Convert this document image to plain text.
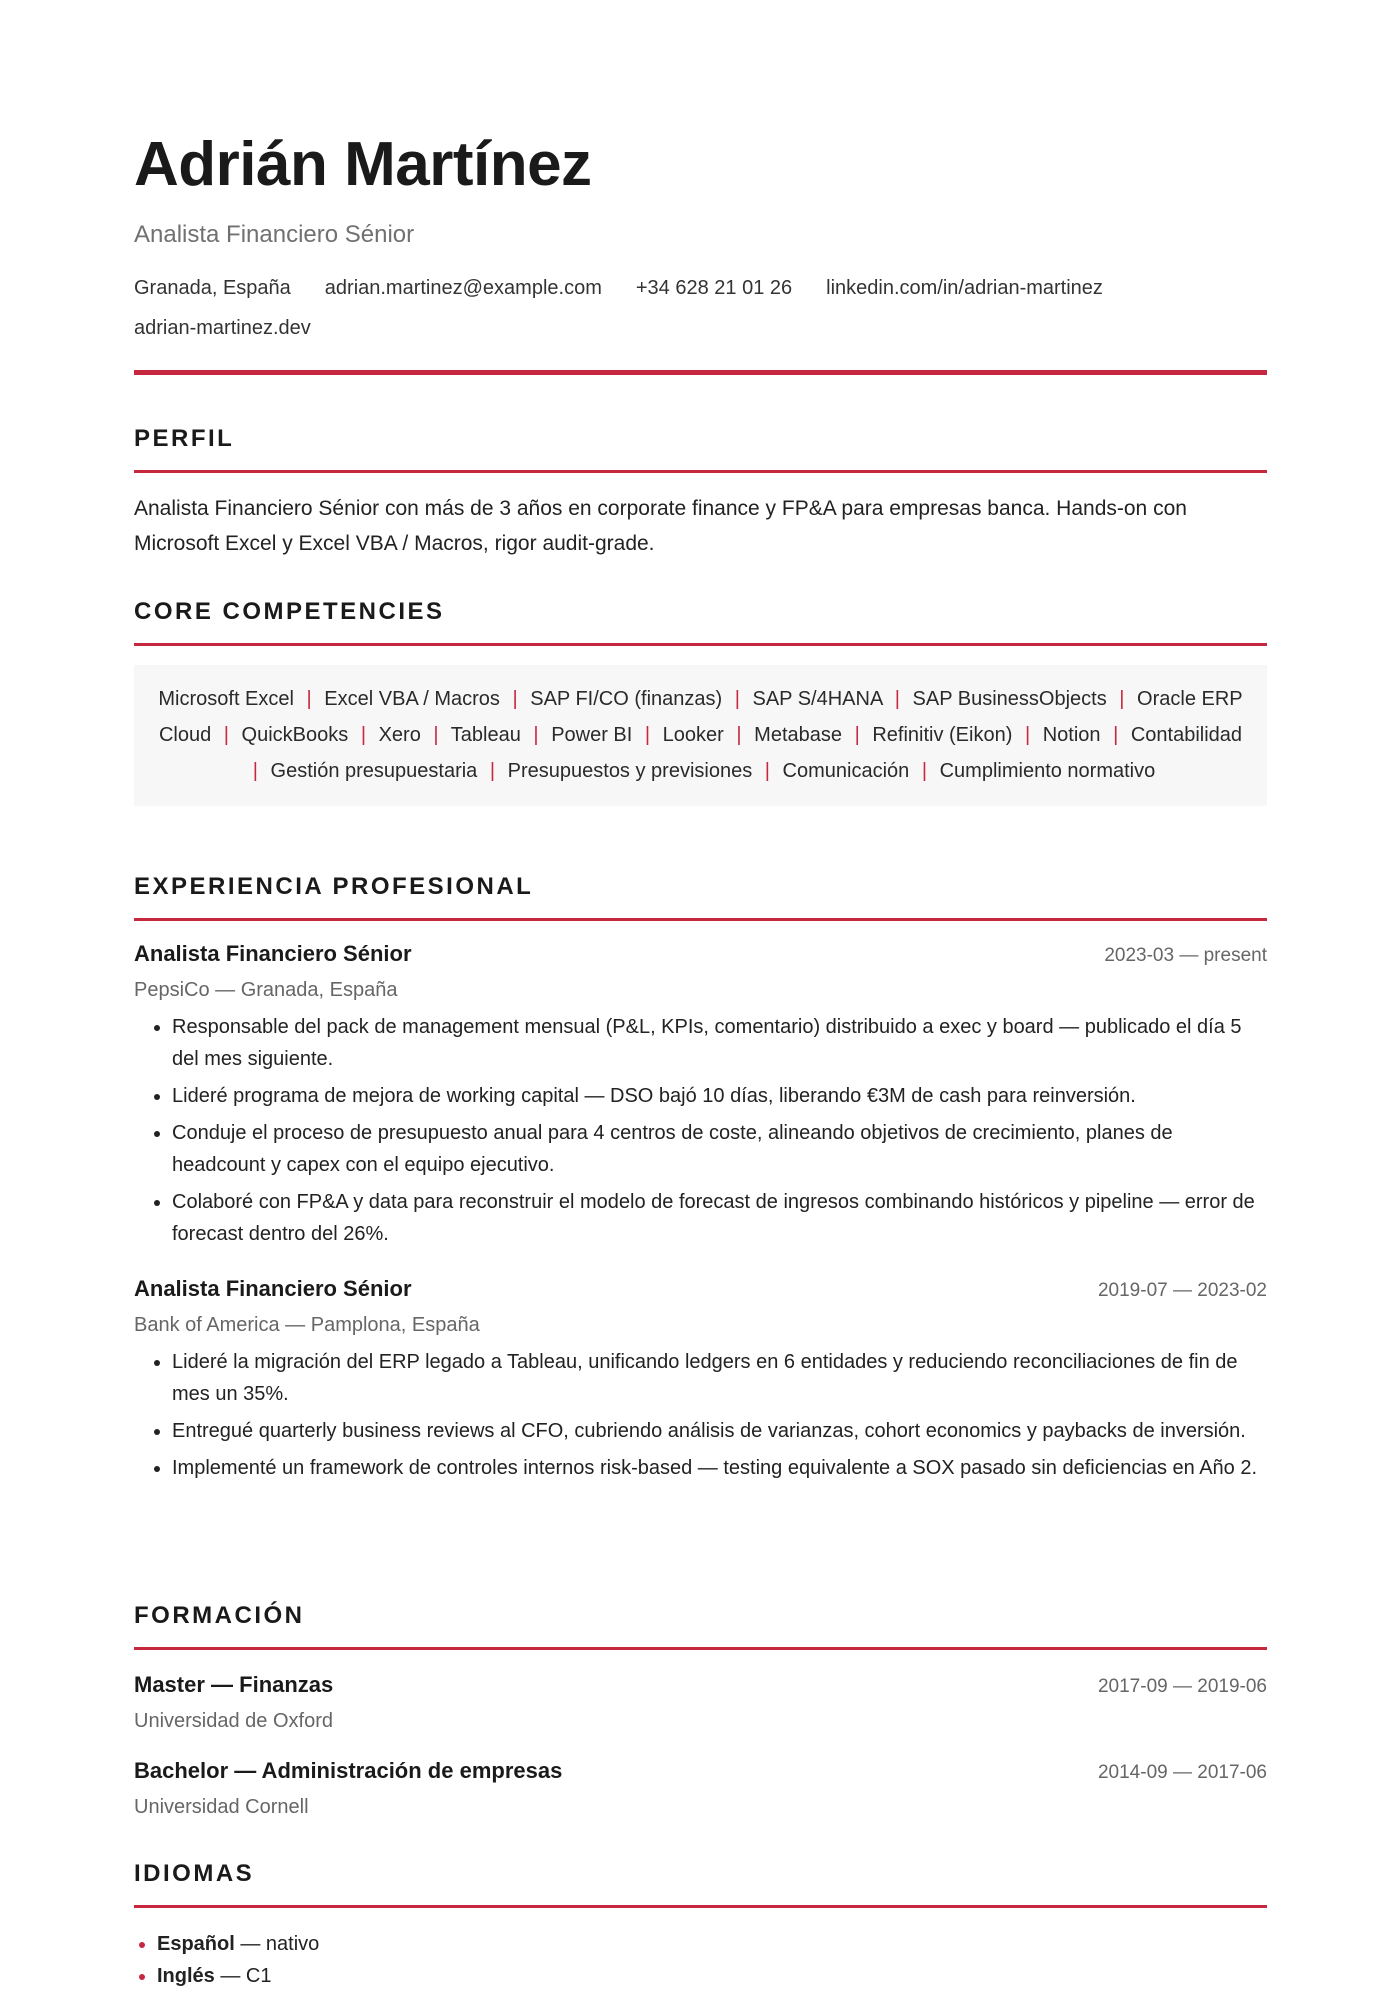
Adrián Martínez
Analista Financiero Sénior
Granada, España adrian.martinez@example.com +34 628 21 01 26 linkedin.com/in/adrian-martinez
adrian-martinez.dev
PERFIL
Analista Financiero Sénior con más de 3 años en corporate finance y FP&A para empresas banca. Hands-on con Microsoft Excel y Excel VBA / Macros, rigor audit-grade.
CORE COMPETENCIES
Microsoft Excel | Excel VBA / Macros | SAP FI/CO (finanzas) | SAP S/4HANA | SAP BusinessObjects | Oracle ERP Cloud | QuickBooks | Xero | Tableau | Power BI | Looker | Metabase | Refinitiv (Eikon) | Notion | Contabilidad | Gestión presupuestaria | Presupuestos y previsiones | Comunicación | Cumplimiento normativo
EXPERIENCIA PROFESIONAL
Analista Financiero Sénior	2023-03 — present
PepsiCo — Granada, España
• Responsable del pack de management mensual (P&L, KPIs, comentario) distribuido a exec y board — publicado el día 5 del mes siguiente.
• Lideré programa de mejora de working capital — DSO bajó 10 días, liberando €3M de cash para reinversión.
• Conduje el proceso de presupuesto anual para 4 centros de coste, alineando objetivos de crecimiento, planes de headcount y capex con el equipo ejecutivo.
• Colaboré con FP&A y data para reconstruir el modelo de forecast de ingresos combinando históricos y pipeline — error de forecast dentro del 26%.
Analista Financiero Sénior	2019-07 — 2023-02
Bank of America — Pamplona, España
• Lideré la migración del ERP legado a Tableau, unificando ledgers en 6 entidades y reduciendo reconciliaciones de fin de mes un 35%.
• Entregué quarterly business reviews al CFO, cubriendo análisis de varianzas, cohort economics y paybacks de inversión.
• Implementé un framework de controles internos risk-based — testing equivalente a SOX pasado sin deficiencias en Año 2.
FORMACIÓN
Master — Finanzas	2017-09 — 2019-06
Universidad de Oxford
Bachelor — Administración de empresas	2014-09 — 2017-06
Universidad Cornell
IDIOMAS
• Español — nativo
• Inglés — C1
